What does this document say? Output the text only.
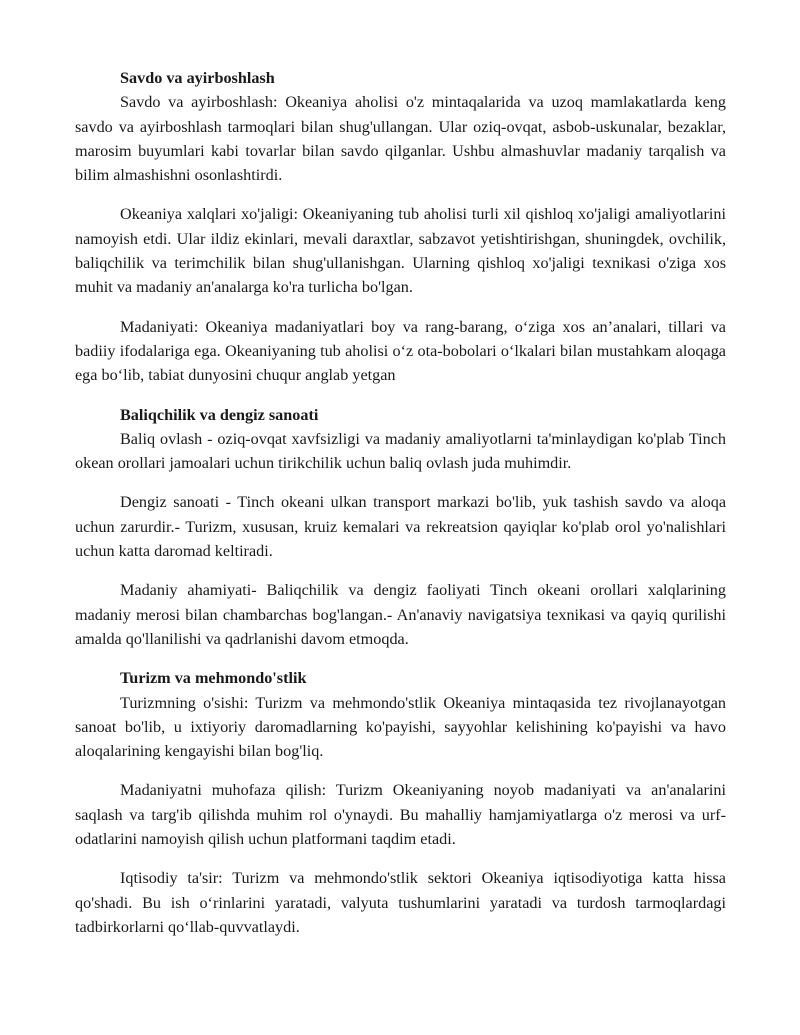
Savdo va ayirboshlash

Savdo va ayirboshlash: Okeaniya aholisi o'z mintaqalarida va uzoq mamlakatlarda keng savdo va ayirboshlash tarmoqlari bilan shug'ullangan. Ular oziq-ovqat, asbob-uskunalar, bezaklar, marosim buyumlari kabi tovarlar bilan savdo qilganlar. Ushbu almashuvlar madaniy tarqalish va bilim almashishni osonlashtirdi.

Okeaniya xalqlari xo'jaligi: Okeaniyaning tub aholisi turli xil qishloq xo'jaligi amaliyotlarini namoyish etdi. Ular ildiz ekinlari, mevali daraxtlar, sabzavot yetishtirishgan, shuningdek, ovchilik, baliqchilik va terimchilik bilan shug'ullanishgan. Ularning qishloq xo'jaligi texnikasi o'ziga xos muhit va madaniy an'analarga ko'ra turlicha bo'lgan.

Madaniyati: Okeaniya madaniyatlari boy va rang-barang, o‘ziga xos an’analari, tillari va badiiy ifodalariga ega. Okeaniyaning tub aholisi o‘z ota-bobolari o‘lkalari bilan mustahkam aloqaga ega bo‘lib, tabiat dunyosini chuqur anglab yetgan

Baliqchilik va dengiz sanoati

Baliq ovlash - oziq-ovqat xavfsizligi va madaniy amaliyotlarni ta'minlaydigan ko'plab Tinch okean orollari jamoalari uchun tirikchilik uchun baliq ovlash juda muhimdir.

Dengiz sanoati - Tinch okeani ulkan transport markazi bo'lib, yuk tashish savdo va aloqa uchun zarurdir.- Turizm, xususan, kruiz kemalari va rekreatsion qayiqlar ko'plab orol yo'nalishlari uchun katta daromad keltiradi.

Madaniy ahamiyati- Baliqchilik va dengiz faoliyati Tinch okeani orollari xalqlarining madaniy merosi bilan chambarchas bog'langan.- An'anaviy navigatsiya texnikasi va qayiq qurilishi amalda qo'llanilishi va qadrlanishi davom etmoqda.

Turizm va mehmondo'stlik

Turizmning o'sishi: Turizm va mehmondo'stlik Okeaniya mintaqasida tez rivojlanayotgan sanoat bo'lib, u ixtiyoriy daromadlarning ko'payishi, sayyohlar kelishining ko'payishi va havo aloqalarining kengayishi bilan bog'liq.

Madaniyatni muhofaza qilish: Turizm Okeaniyaning noyob madaniyati va an'analarini saqlash va targ'ib qilishda muhim rol o'ynaydi. Bu mahalliy hamjamiyatlarga o'z merosi va urf-odatlarini namoyish qilish uchun platformani taqdim etadi.

Iqtisodiy ta'sir: Turizm va mehmondo'stlik sektori Okeaniya iqtisodiyotiga katta hissa qo'shadi. Bu ish o‘rinlarini yaratadi, valyuta tushumlarini yaratadi va turdosh tarmoqlardagi tadbirkorlarni qo‘llab-quvvatlaydi.
